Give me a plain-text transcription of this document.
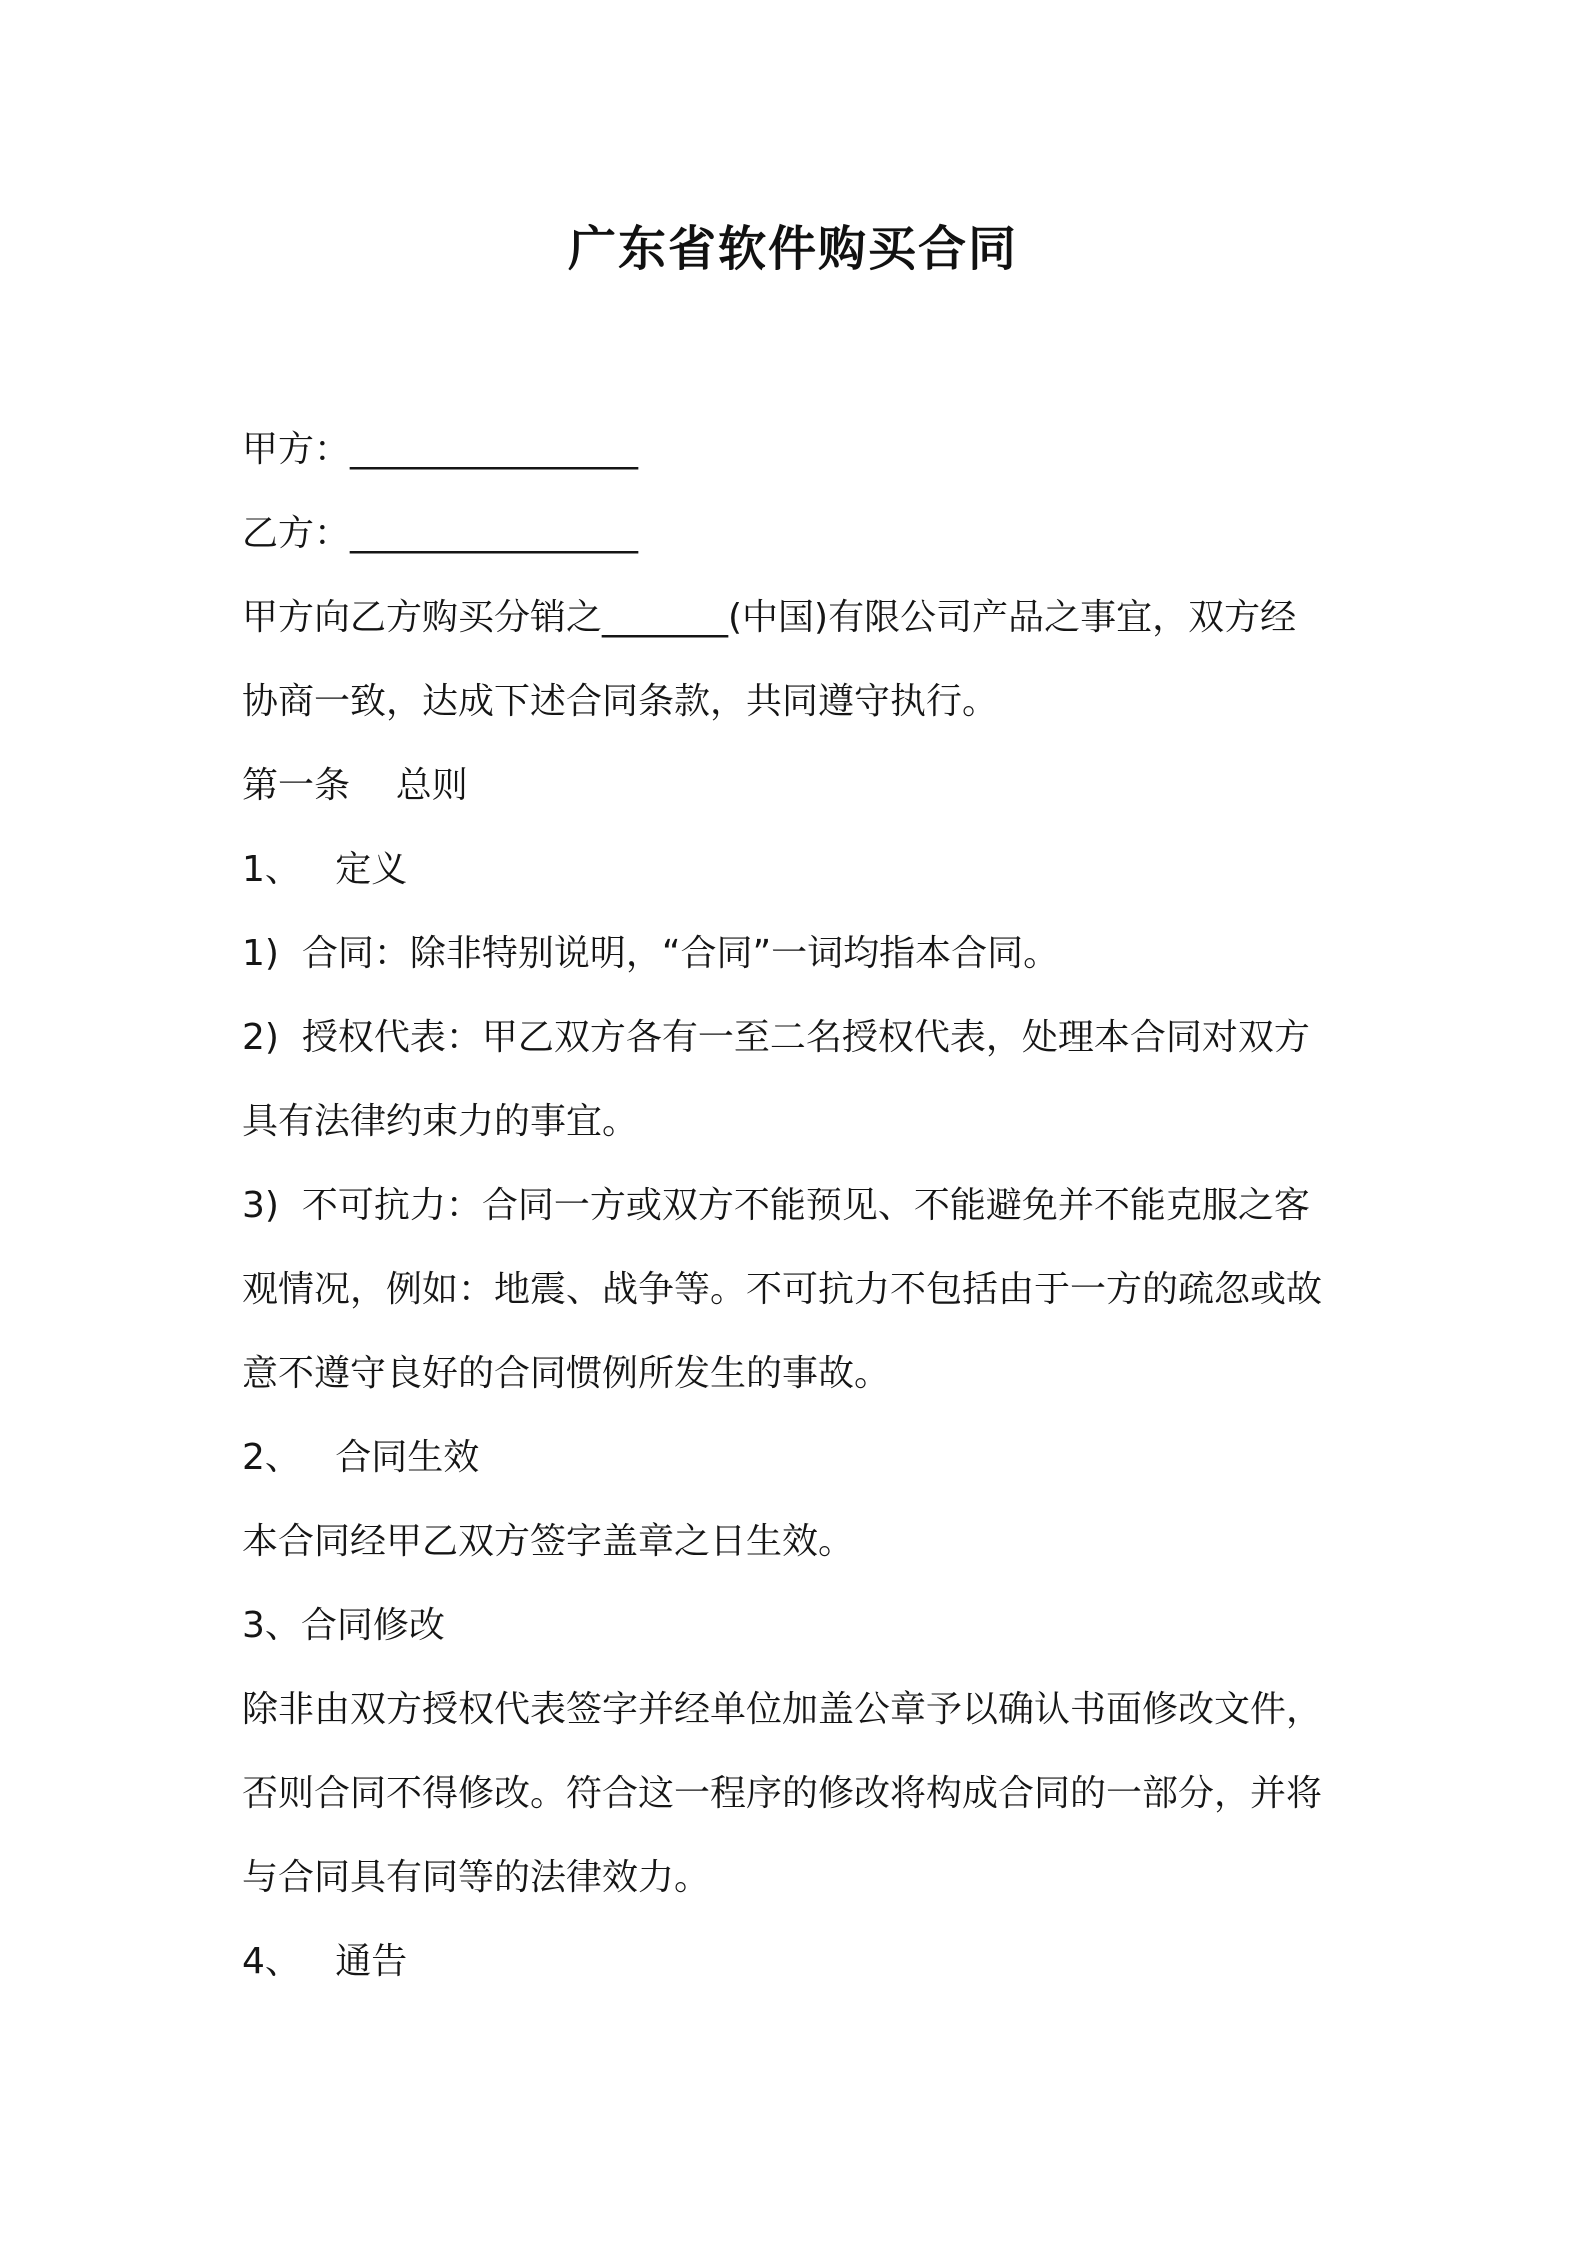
广东省软件购买合同
甲方：________________
乙方：________________
甲方向乙方购买分销之_______(中国)有限公司产品之事宜，双方经
协商一致，达成下述合同条款，共同遵守执行。
第一条    总则
1、   定义
1)  合同：除非特别说明，“合同”一词均指本合同。
2)  授权代表：甲乙双方各有一至二名授权代表，处理本合同对双方
具有法律约束力的事宜。
3)  不可抗力：合同一方或双方不能预见、不能避免并不能克服之客
观情况，例如：地震、战争等。不可抗力不包括由于一方的疏忽或故
意不遵守良好的合同惯例所发生的事故。
2、   合同生效
本合同经甲乙双方签字盖章之日生效。
3、合同修改
除非由双方授权代表签字并经单位加盖公章予以确认书面修改文件，
否则合同不得修改。符合这一程序的修改将构成合同的一部分，并将
与合同具有同等的法律效力。
4、   通告
